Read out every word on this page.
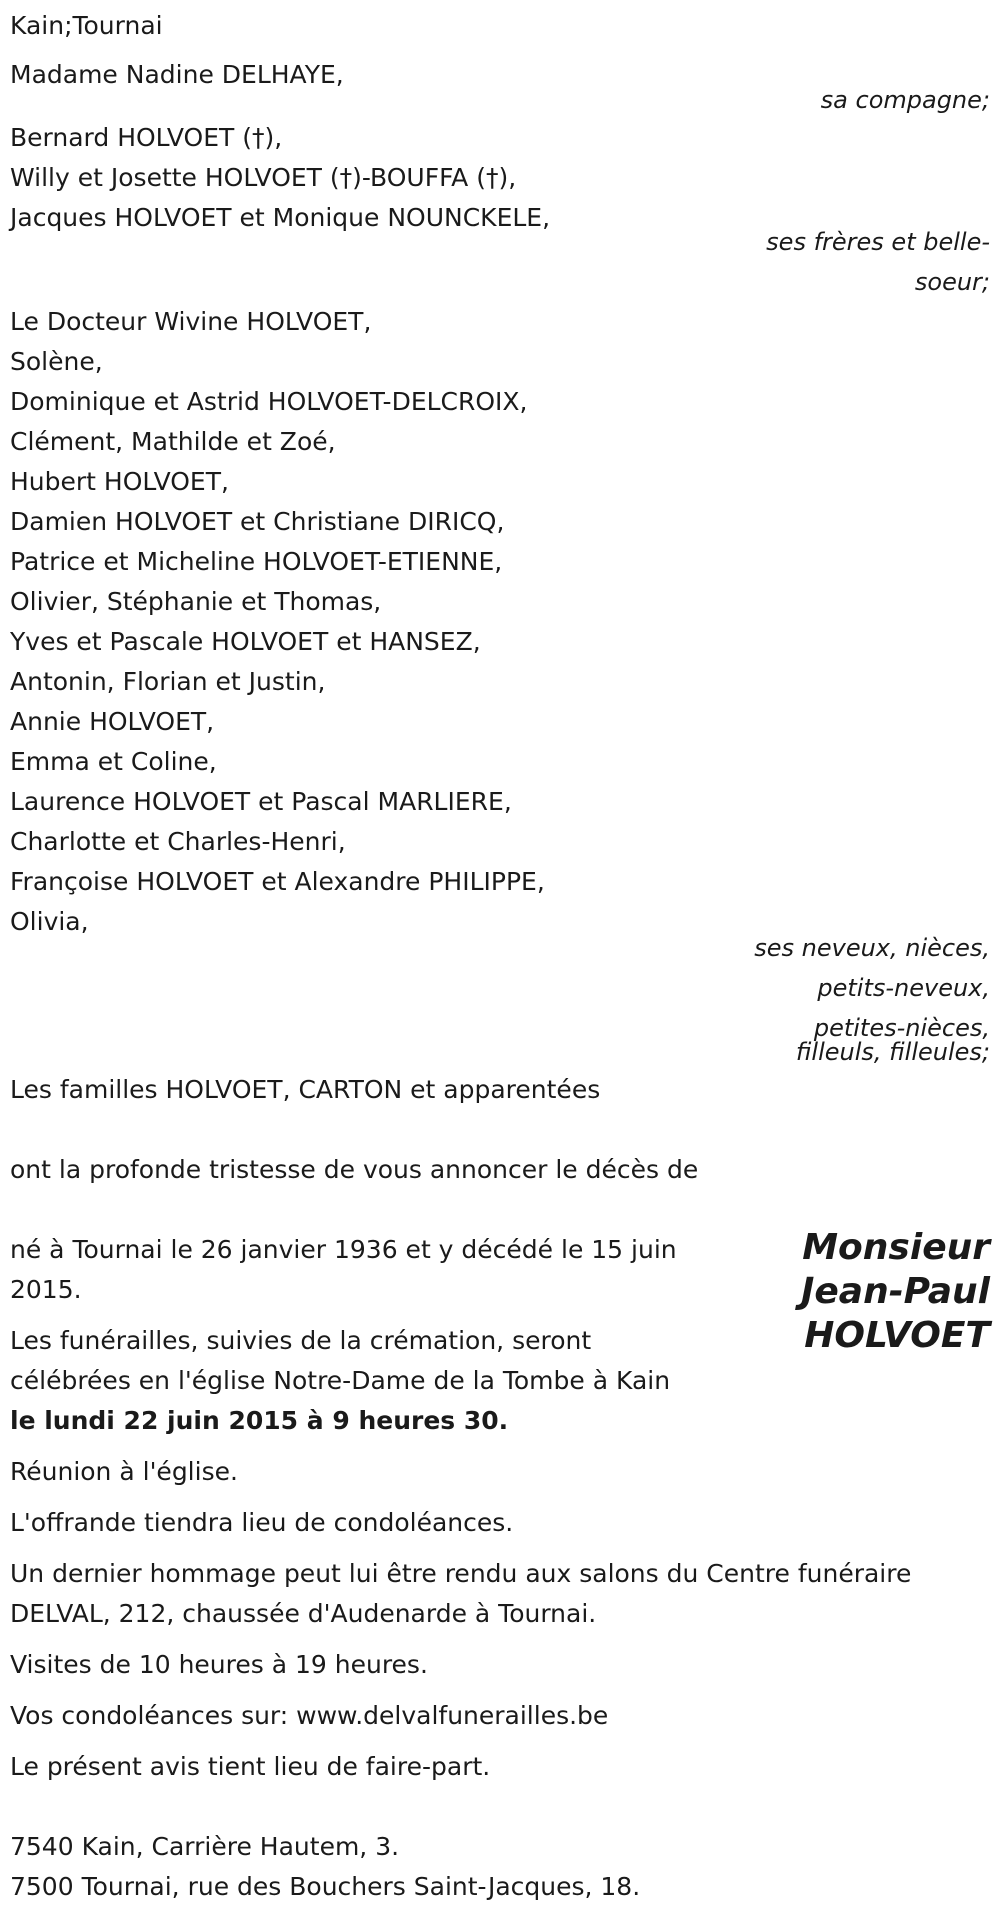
Kain;Tournai
Madame Nadine DELHAYE,
sa compagne;
Bernard HOLVOET (†),
Willy et Josette HOLVOET (†)-BOUFFA (†),
Jacques HOLVOET et Monique NOUNCKELE,
ses frères et belle-
soeur;
Le Docteur Wivine HOLVOET,
Solène,
Dominique et Astrid HOLVOET-DELCROIX,
Clément, Mathilde et Zoé,
Hubert HOLVOET,
Damien HOLVOET et Christiane DIRICQ,
Patrice et Micheline HOLVOET-ETIENNE,
Olivier, Stéphanie et Thomas,
Yves et Pascale HOLVOET et HANSEZ,
Antonin, Florian et Justin,
Annie HOLVOET,
Emma et Coline,
Laurence HOLVOET et Pascal MARLIERE,
Charlotte et Charles-Henri,
Françoise HOLVOET et Alexandre PHILIPPE,
Olivia,
ses neveux, nièces,
petits-neveux,
petites-nièces,
filleuls, filleules;
Les familles HOLVOET, CARTON et apparentées
ont la profonde tristesse de vous annoncer le décès de
Monsieur
Jean-Paul
HOLVOET
né à Tournai le 26 janvier 1936 et y décédé le 15 juin
2015.
Les funérailles, suivies de la crémation, seront
célébrées en l'église Notre-Dame de la Tombe à Kain
le lundi 22 juin 2015 à 9 heures 30.
Réunion à l'église.
L'offrande tiendra lieu de condoléances.
Un dernier hommage peut lui être rendu aux salons du Centre funéraire
DELVAL, 212, chaussée d'Audenarde à Tournai.
Visites de 10 heures à 19 heures.
Vos condoléances sur: www.delvalfunerailles.be
Le présent avis tient lieu de faire-part.
7540 Kain, Carrière Hautem, 3.
7500 Tournai, rue des Bouchers Saint-Jacques, 18.
